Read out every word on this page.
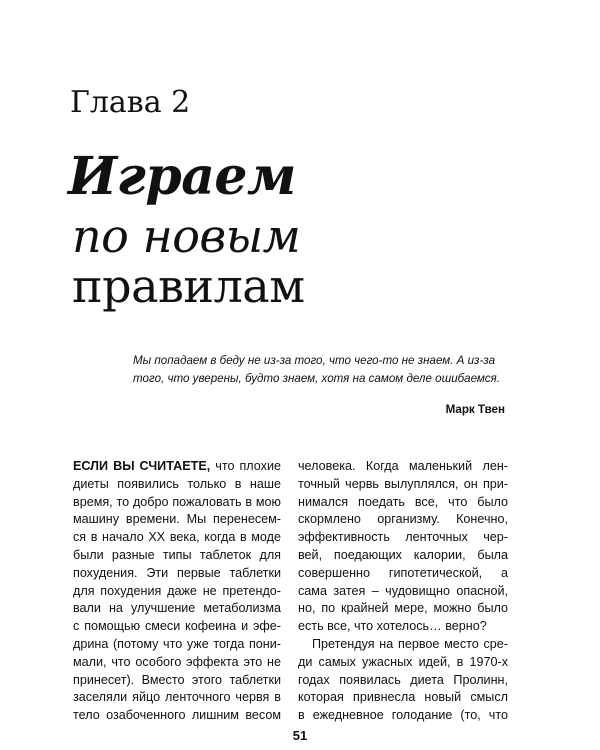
Глава 2
Играем
по новым
правилам
Мы попадаем в беду не из-за того, что чего-то не знаем. А из-за
того, что уверены, будто знаем, хотя на самом деле ошибаемся.
Марк Твен
ЕСЛИ ВЫ СЧИТАЕТЕ, что плохие
диеты появились только в наше
время, то добро пожаловать в мою
машину времени. Мы перенесем-
ся в начало XX века, когда в моде
были разные типы таблеток для
похудения. Эти первые таблетки
для похудения даже не претендо-
вали на улучшение метаболизма
с помощью смеси кофеина и эфе-
дрина (потому что уже тогда пони-
мали, что особого эффекта это не
принесет). Вместо этого таблетки
заселяли яйцо ленточного червя в
тело озабоченного лишним весом
человека. Когда маленький лен-
точный червь вылуплялся, он при-
нимался поедать все, что было
скормлено организму. Конечно,
эффективность ленточных чер-
вей, поедающих калории, была
совершенно гипотетической, а
сама затея – чудовищно опасной,
но, по крайней мере, можно было
есть все, что хотелось… верно?
Претендуя на первое место сре-
ди самых ужасных идей, в 1970-х
годах появилась диета Пролинн,
которая привнесла новый смысл
в ежедневное голодание (то, что
51
